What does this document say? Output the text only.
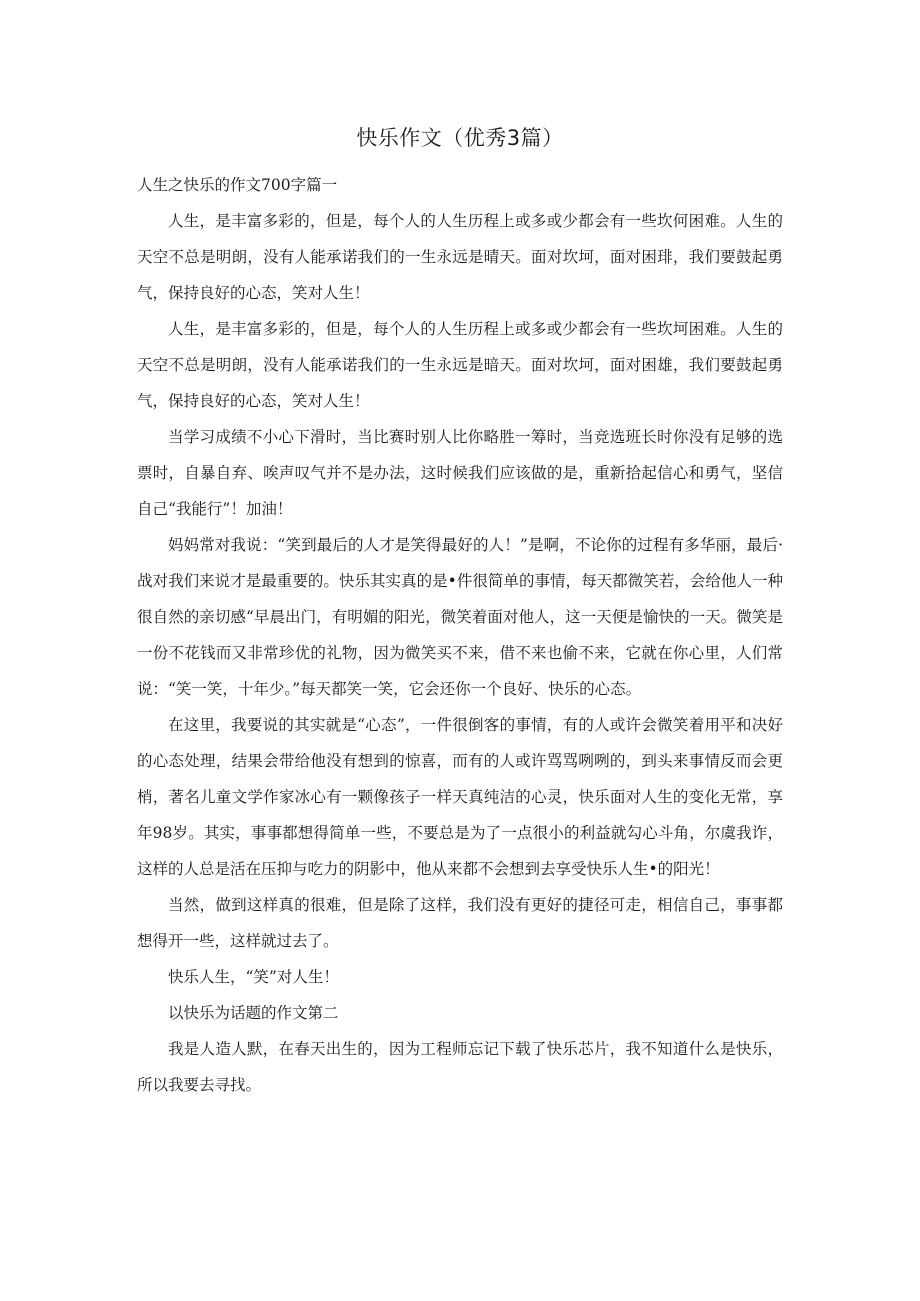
快乐作文（优秀3篇）

人生之快乐的作文700字篇一

人生，是丰富多彩的，但是，每个人的人生历程上或多或少都会有一些坎何困难。人生的天空不总是明朗，没有人能承诺我们的一生永远是晴天。面对坎坷，面对困琲，我们要鼓起勇气，保持良好的心态，笑对人生！

人生，是丰富多彩的，但是，每个人的人生历程上或多或少都会有一些坎坷困难。人生的天空不总是明朗，没有人能承诺我们的一生永远是暗天。面对坎坷，面对困雄，我们要鼓起勇气，保持良好的心态，笑对人生！

当学习成绩不小心下滑时，当比赛时别人比你略胜一筹时，当竞选班长时你没有足够的选票时，自暴自弃、唉声叹气并不是办法，这时候我们应该做的是，重新拾起信心和勇气，坚信自己“我能行”！加油！

妈妈常对我说：“笑到最后的人才是笑得最好的人！”是啊，不论你的过程有多华丽，最后·战对我们来说才是最重要的。快乐其实真的是•件很简单的事情，每天都微笑若，会给他人一种很自然的亲切感“早晨出门，有明媚的阳光，微笑着面对他人，这一天便是愉快的一天。微笑是一份不花钱而又非常珍优的礼物，因为微笑买不来，借不来也偷不来，它就在你心里，人们常说：“笑一笑，十年少。”每天都笑一笑，它会还你一个良好、快乐的心态。

在这里，我要说的其实就是“心态”，一件很倒客的事情，有的人或许会微笑着用平和决好的心态处理，结果会带给他没有想到的惊喜，而有的人或许骂骂咧咧的，到头来事情反而会更梢，著名儿童文学作家冰心有一颗像孩子一样天真纯洁的心灵，快乐面对人生的变化无常，享年98岁。其实，事事都想得简单一些，不要总是为了一点很小的利益就勾心斗角，尔虞我诈，这样的人总是活在压抑与吃力的阴影中，他从来都不会想到去享受快乐人生•的阳光！

当然，做到这样真的很难，但是除了这样，我们没有更好的捷径可走，相信自己，事事都想得开一些，这样就过去了。

快乐人生，“笑”对人生！

以快乐为话题的作文第二

我是人造人默，在春天出生的，因为工程师忘记下载了快乐芯片，我不知道什么是快乐，所以我要去寻找。
